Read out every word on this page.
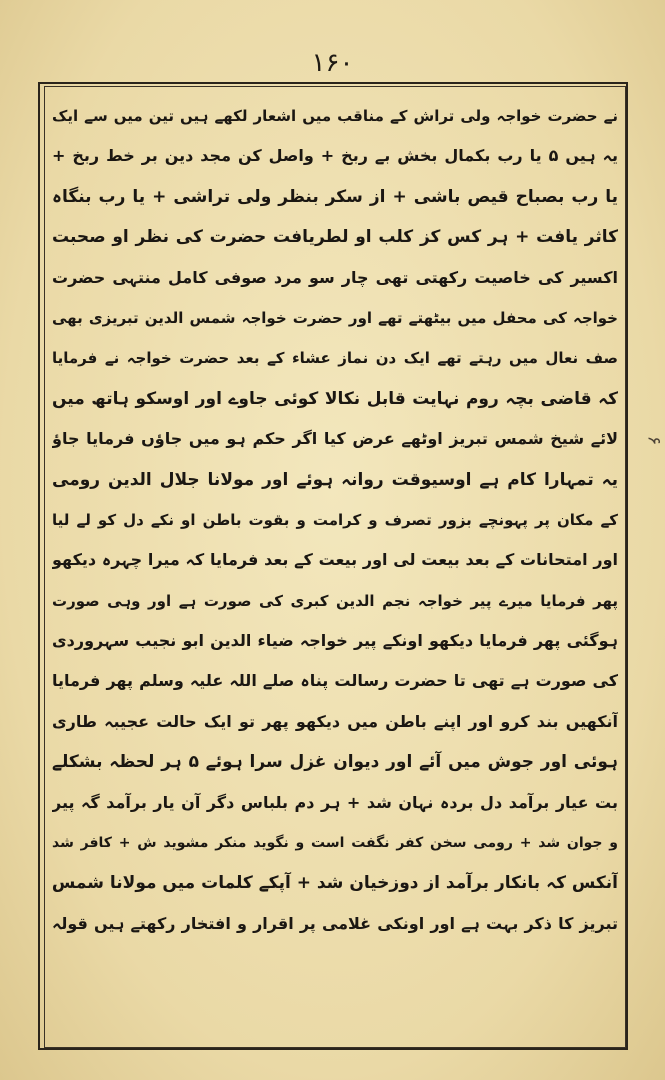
۱۶۰
نے حضرت خواجہ ولی تراش کے مناقب میں اشعار لکھے ہیں تین میں سے ایک
یہ ہیں ۵ یا رب بکمال بخش بے ربخ + واصل کن مجد دین بر خط ربخ +
یا رب بصباح قیص باشی + از سکر بنظر ولی تراشی + یا رب بنگاہ
کاثر یافت + ہر کس کز کلب او لطریافت حضرت کی نظر او صحبت
اکسیر کی خاصیت رکھتی تھی چار سو مرد صوفی کامل منتہی حضرت
خواجہ کی محفل میں بیٹھتے تھے اور حضرت خواجہ شمس الدین تبریزی بھی
صف نعال میں رہتے تھے ایک دن نماز عشاء کے بعد حضرت خواجہ نے فرمایا
کہ قاضی بچہ روم نہایت قابل نکالا کوئی جاوے اور اوسکو ہاتھ میں
لائے شیخ شمس تبریز اوٹھے عرض کیا اگر حکم ہو میں جاؤں فرمایا جاؤ
یہ تمہارا کام ہے اوسیوقت روانہ ہوئے اور مولانا جلال الدین رومی
کے مکان پر پہونچے بزور تصرف و کرامت و بقوت باطن او نکے دل کو لے لیا
اور امتحانات کے بعد بیعت لی اور بیعت کے بعد فرمایا کہ میرا چہرہ دیکھو
پھر فرمایا میرے پیر خواجہ نجم الدین کبری کی صورت ہے اور وہی صورت
ہوگئی پھر فرمایا دیکھو اونکے پیر خواجہ ضیاء الدین ابو نجیب سہروردی
کی صورت ہے تھی تا حضرت رسالت پناہ صلے اللہ علیہ وسلم پھر فرمایا
آنکھیں بند کرو اور اپنے باطن میں دیکھو پھر تو ایک حالت عجیبہ طاری
ہوئی اور جوش میں آئے اور دیوان غزل سرا ہوئے ۵ ہر لحظہ بشکلے
بت عیار برآمد دل بردہ نہان شد + ہر دم بلباس دگر آن یار برآمد گہ پیر
و جوان شد + رومی سخن کفر نگفت است و نگوید منکر مشوید ش + کافر شد
آنکس کہ بانکار برآمد از دوزخیان شد + آپکے کلمات میں مولانا شمس
تبریز کا ذکر بہت ہے اور اونکی غلامی پر اقرار و افتخار رکھتے ہیں قولہ
۶
